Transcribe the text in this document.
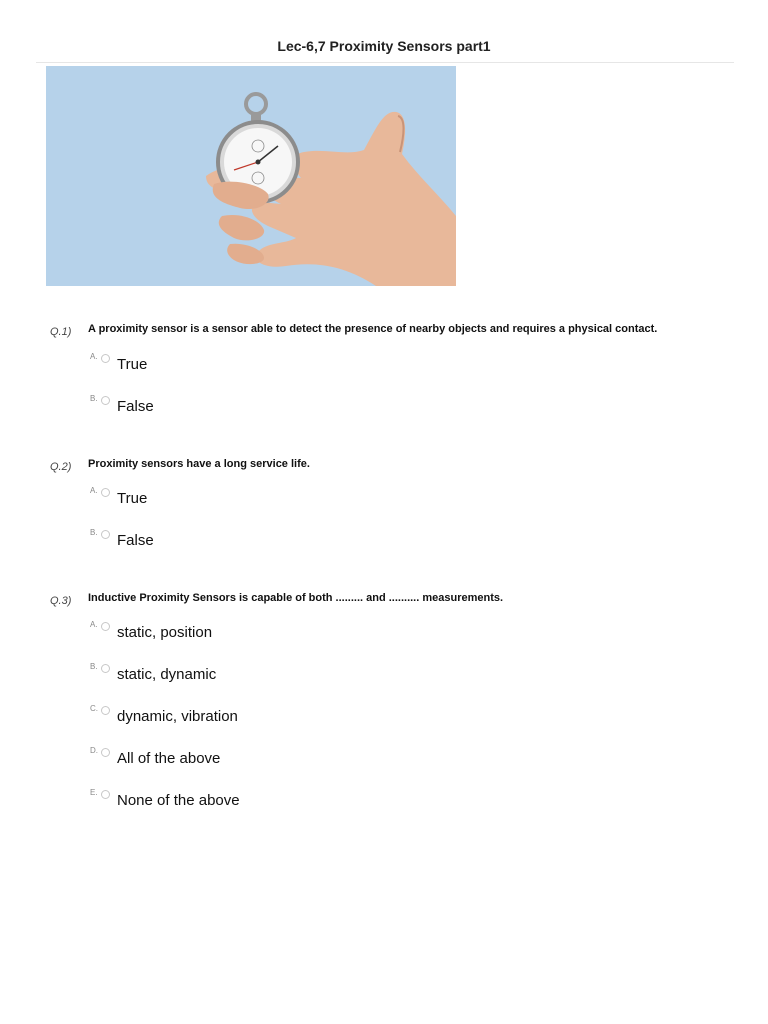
Lec-6,7 Proximity Sensors part1
Q.1) A proximity sensor is a sensor able to detect the presence of nearby objects and requires a physical contact.
A. True
B. False
Q.2) Proximity sensors have a long service life.
A. True
B. False
Q.3) Inductive Proximity Sensors is capable of both ......... and .......... measurements.
A. static, position
B. static, dynamic
C. dynamic, vibration
D. All of the above
E. None of the above
